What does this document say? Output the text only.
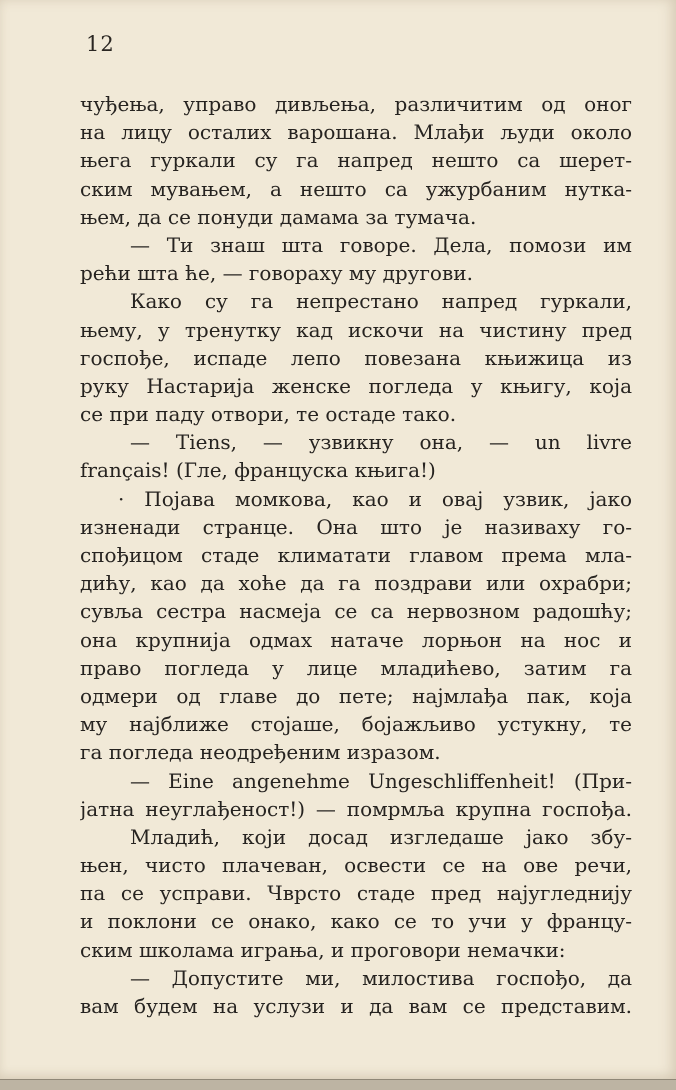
12
чуђења, управо дивљења, различитим од оног
на лицу осталих варошана. Млађи људи около
њега гуркали су га напред нешто са шерет-
ским мувањем, а нешто са ужурбаним нутка-
њем, да се понуди дамама за тумача.
— Ти знаш шта говоре. Дела, помози им
рећи шта ће, — говораху му другови.
Како су га непрестано напред гуркали,
њему, у тренутку кад искочи на чистину пред
госпође, испаде лепо повезана књижица из
руку Настарија женске погледа у књигу, која
се при паду отвори, те остаде тако.
— Tiens, — узвикну она, — un livre
français! (Гле, француска књига!)
· Појава момкова, као и овај узвик, јако
изненади странце. Она што је називаху го-
спођицом стаде климатати главом према мла-
дићу, као да хоће да га поздрави или охрабри;
сувља сестра насмеја се са нервозном радошћу;
она крупнија одмах натаче лорњон на нос и
право погледа у лице младићево, затим га
одмери од главе до пете; најмлађа пак, која
му најближе стојаше, бојажљиво устукну, те
га погледа неодређеним изразом.
— Eine angenehme Ungeschliffenheit! (При-
јатна неуглађеност!) — помрмља крупна госпођа.
Младић, који досад изгледаше јако збу-
њен, чисто плачеван, освести се на ове речи,
па се усправи. Чврсто стаде пред најугледнију
и поклони се онако, како се то учи у францу-
ским школама играња, и проговори немачки:
— Допустите ми, милостива госпођо, да
вам будем на услузи и да вам се представим.
